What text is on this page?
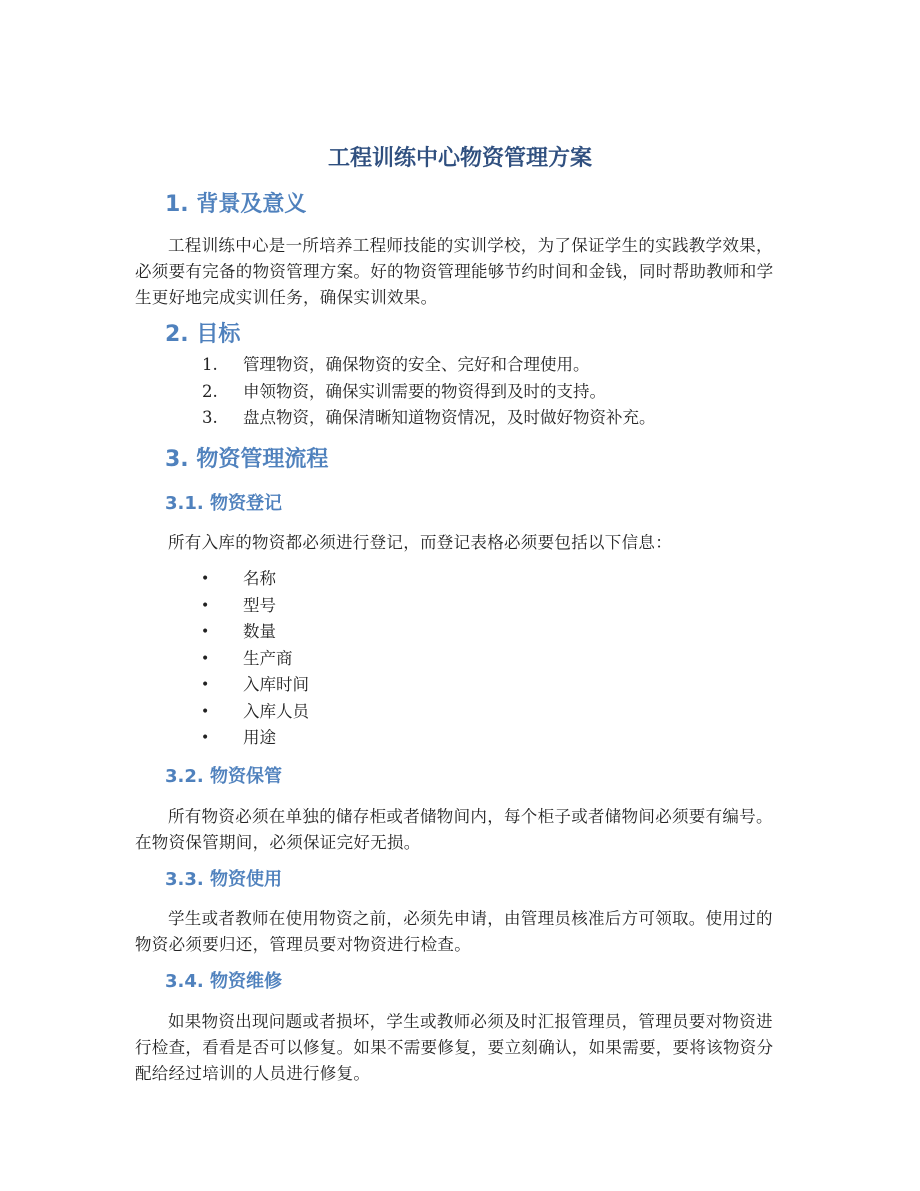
工程训练中心物资管理方案
1. 背景及意义
工程训练中心是一所培养工程师技能的实训学校，为了保证学生的实践教学效果，必须要有完备的物资管理方案。好的物资管理能够节约时间和金钱，同时帮助教师和学生更好地完成实训任务，确保实训效果。
2. 目标
1.	管理物资，确保物资的安全、完好和合理使用。
2.	申领物资，确保实训需要的物资得到及时的支持。
3.	盘点物资，确保清晰知道物资情况，及时做好物资补充。
3. 物资管理流程
3.1. 物资登记
所有入库的物资都必须进行登记，而登记表格必须要包括以下信息：
• 名称
• 型号
• 数量
• 生产商
• 入库时间
• 入库人员
• 用途
3.2. 物资保管
所有物资必须在单独的储存柜或者储物间内，每个柜子或者储物间必须要有编号。在物资保管期间，必须保证完好无损。
3.3. 物资使用
学生或者教师在使用物资之前，必须先申请，由管理员核准后方可领取。使用过的物资必须要归还，管理员要对物资进行检查。
3.4. 物资维修
如果物资出现问题或者损坏，学生或教师必须及时汇报管理员，管理员要对物资进行检查，看看是否可以修复。如果不需要修复，要立刻确认，如果需要，要将该物资分配给经过培训的人员进行修复。
